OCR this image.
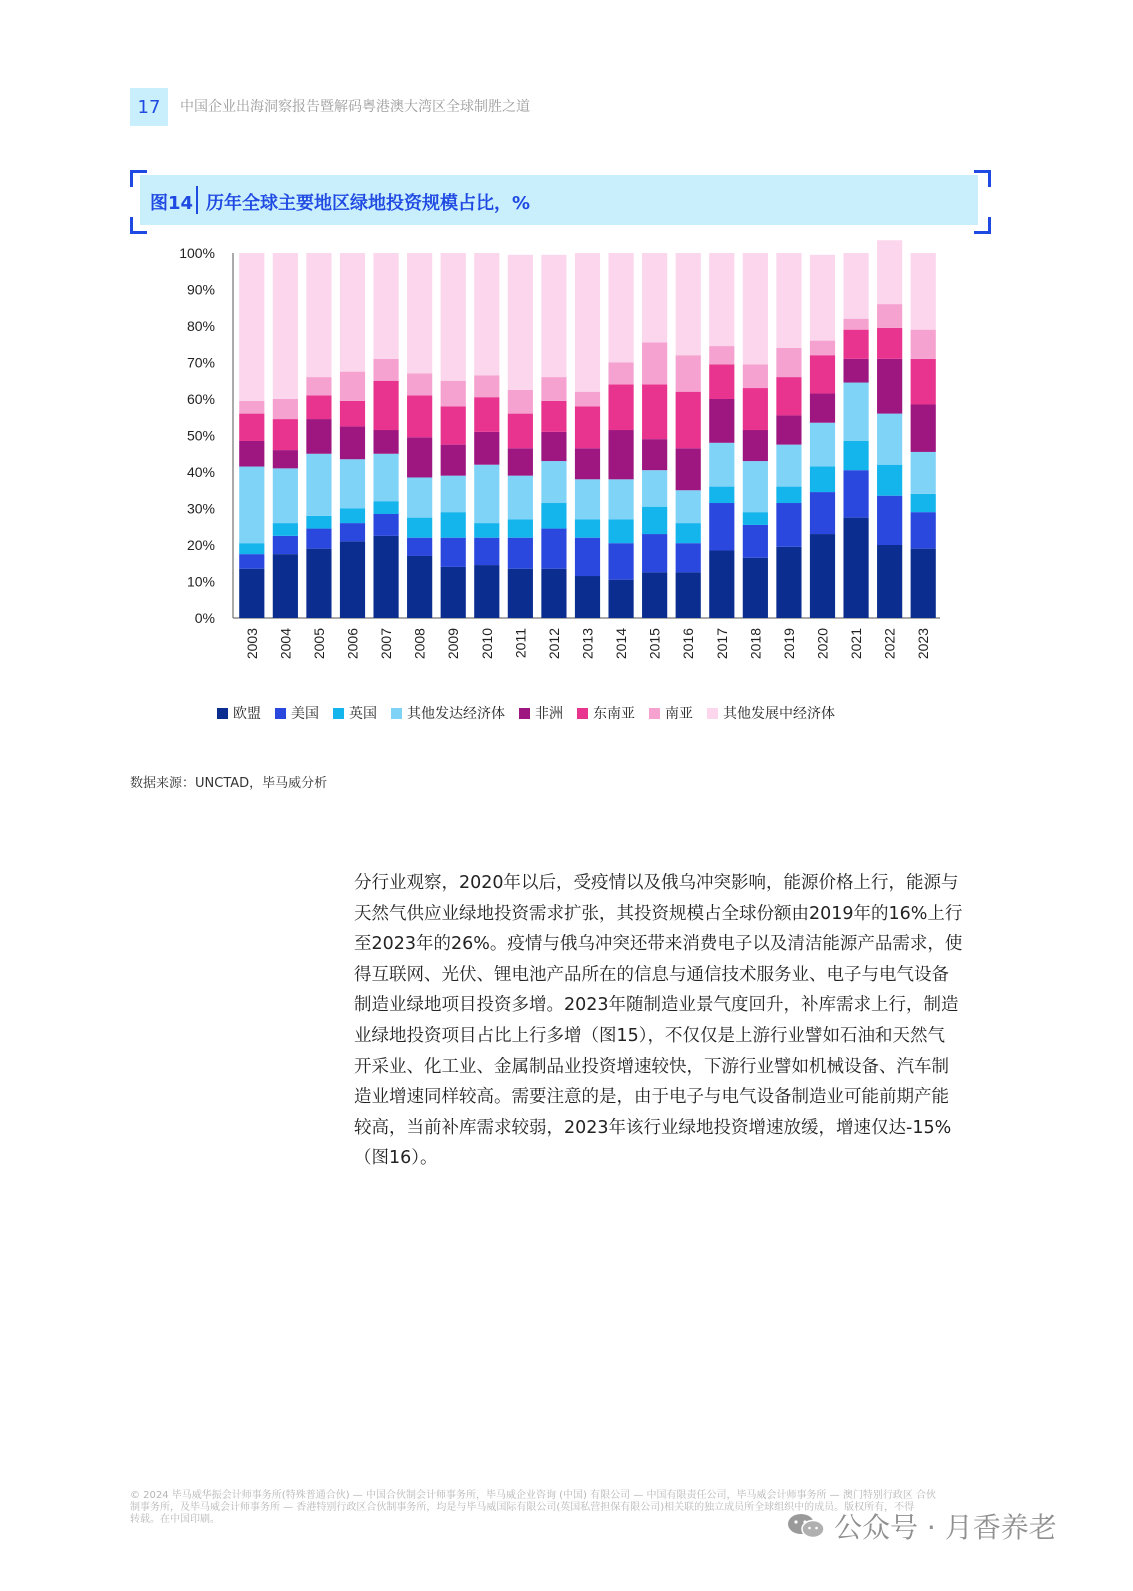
17	中国企业出海洞察报告暨解码粤港澳大湾区全球制胜之道
图14 历年全球主要地区绿地投资规模占比，%
0%
10%
20%
30%
40%
50%
60%
70%
80%
90%
100%
2003 2004 2005 2006 2007 2008 2009 2010 2011 2012 2013 2014 2015 2016 2017 2018 2019 2020 2021 2022 2023
欧盟 美国 英国 其他发达经济体 非洲 东南亚 南亚 其他发展中经济体
数据来源：UNCTAD，毕马威分析
分行业观察，2020年以后，受疫情以及俄乌冲突影响，能源价格上行，能源与
天然气供应业绿地投资需求扩张，其投资规模占全球份额由2019年的16%上行
至2023年的26%。疫情与俄乌冲突还带来消费电子以及清洁能源产品需求，使
得互联网、光伏、锂电池产品所在的信息与通信技术服务业、电子与电气设备
制造业绿地项目投资多增。2023年随制造业景气度回升，补库需求上行，制造
业绿地投资项目占比上行多增（图15），不仅仅是上游行业譬如石油和天然气
开采业、化工业、金属制品业投资增速较快，下游行业譬如机械设备、汽车制
造业增速同样较高。需要注意的是，由于电子与电气设备制造业可能前期产能
较高，当前补库需求较弱，2023年该行业绿地投资增速放缓，增速仅达-15%
（图16）。
© 2024 毕马威华振会计师事务所(特殊普通合伙) — 中国合伙制会计师事务所，毕马威企业咨询 (中国) 有限公司 — 中国有限责任公司，毕马威会计师事务所 — 澳门特别行政区 合伙
制事务所，及毕马威会计师事务所 — 香港特别行政区合伙制事务所，均是与毕马威国际有限公司(英国私营担保有限公司)相关联的独立成员所全球组织中的成员。版权所有，不得
转载。在中国印刷。	公众号 · 月香养老
